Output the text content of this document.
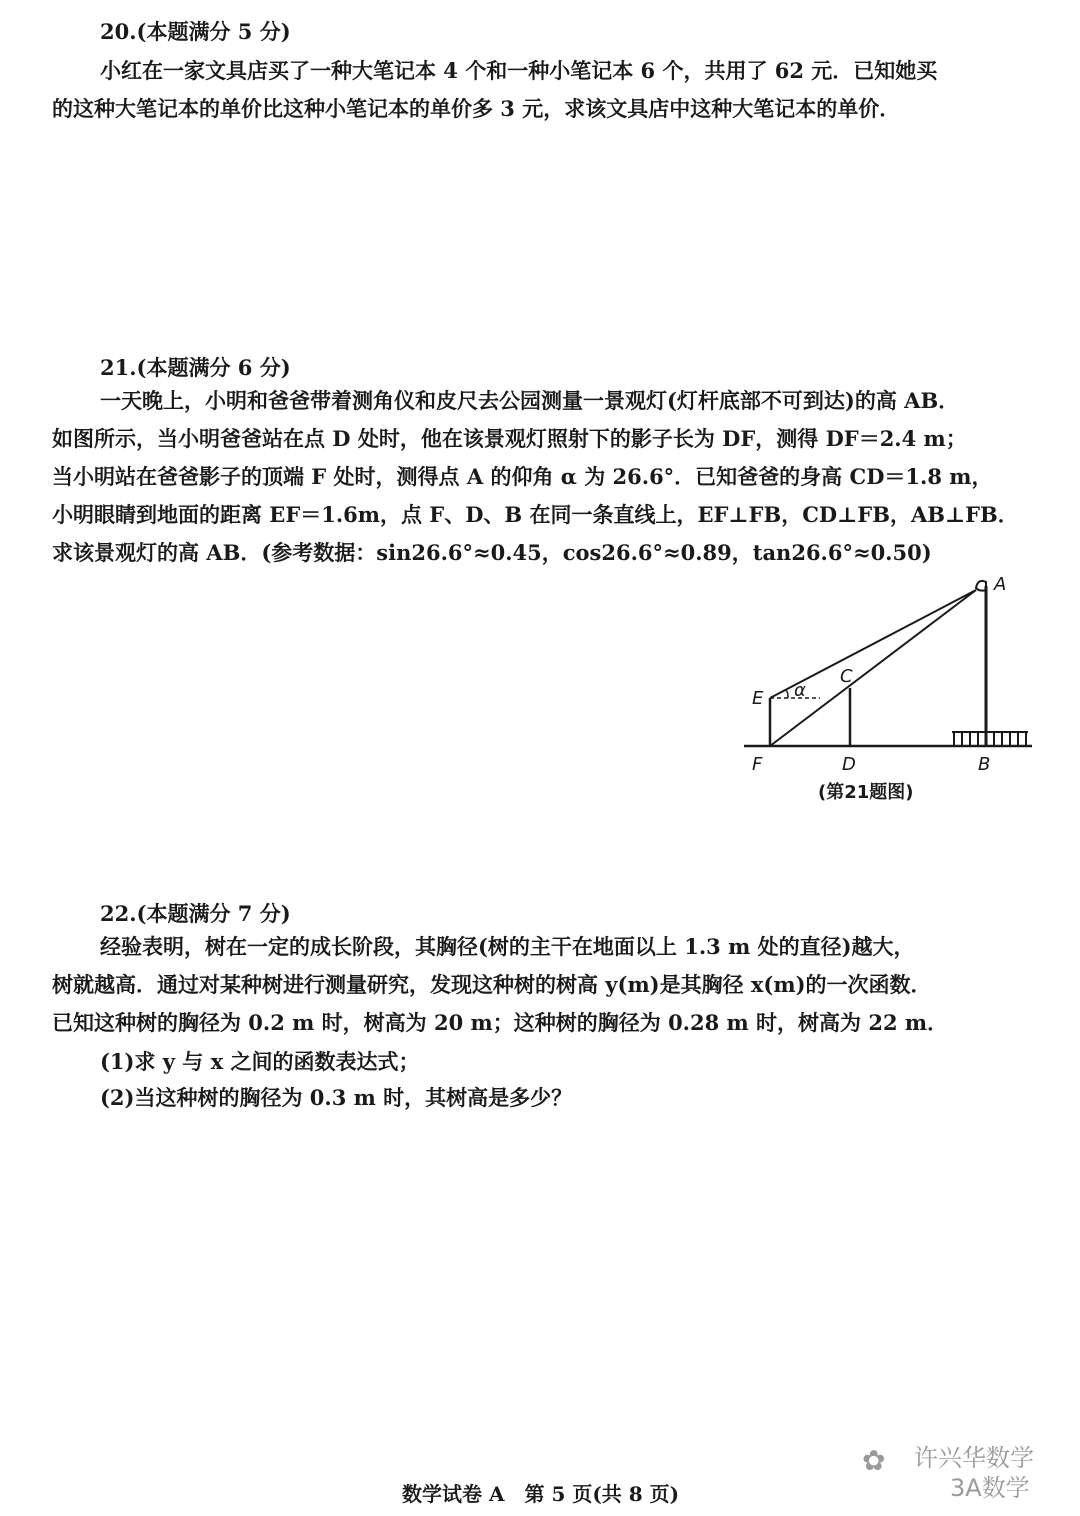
20.(本题满分 5 分)
小红在一家文具店买了一种大笔记本 4 个和一种小笔记本 6 个，共用了 62 元．已知她买
的这种大笔记本的单价比这种小笔记本的单价多 3 元，求该文具店中这种大笔记本的单价．
21.(本题满分 6 分)
一天晚上，小明和爸爸带着测角仪和皮尺去公园测量一景观灯(灯杆底部不可到达)的高 AB．
如图所示，当小明爸爸站在点 D 处时，他在该景观灯照射下的影子长为 DF，测得 DF＝2.4 m；
当小明站在爸爸影子的顶端 F 处时，测得点 A 的仰角 α 为 26.6°．已知爸爸的身高 CD＝1.8 m，
小明眼睛到地面的距离 EF＝1.6m，点 F、D、B 在同一条直线上，EF⊥FB，CD⊥FB，AB⊥FB．
求该景观灯的高 AB．(参考数据：sin26.6°≈0.45，cos26.6°≈0.89，tan26.6°≈0.50)
α
A
B
C
D
E
F
(第21题图)
22.(本题满分 7 分)
经验表明，树在一定的成长阶段，其胸径(树的主干在地面以上 1.3 m 处的直径)越大，
树就越高．通过对某种树进行测量研究，发现这种树的树高 y(m)是其胸径 x(m)的一次函数．
已知这种树的胸径为 0.2 m 时，树高为 20 m；这种树的胸径为 0.28 m 时，树高为 22 m．
(1)求 y 与 x 之间的函数表达式；
(2)当这种树的胸径为 0.3 m 时，其树高是多少？
✿ 许兴华数学
3A数学
数学试卷 A　第 5 页(共 8 页)
